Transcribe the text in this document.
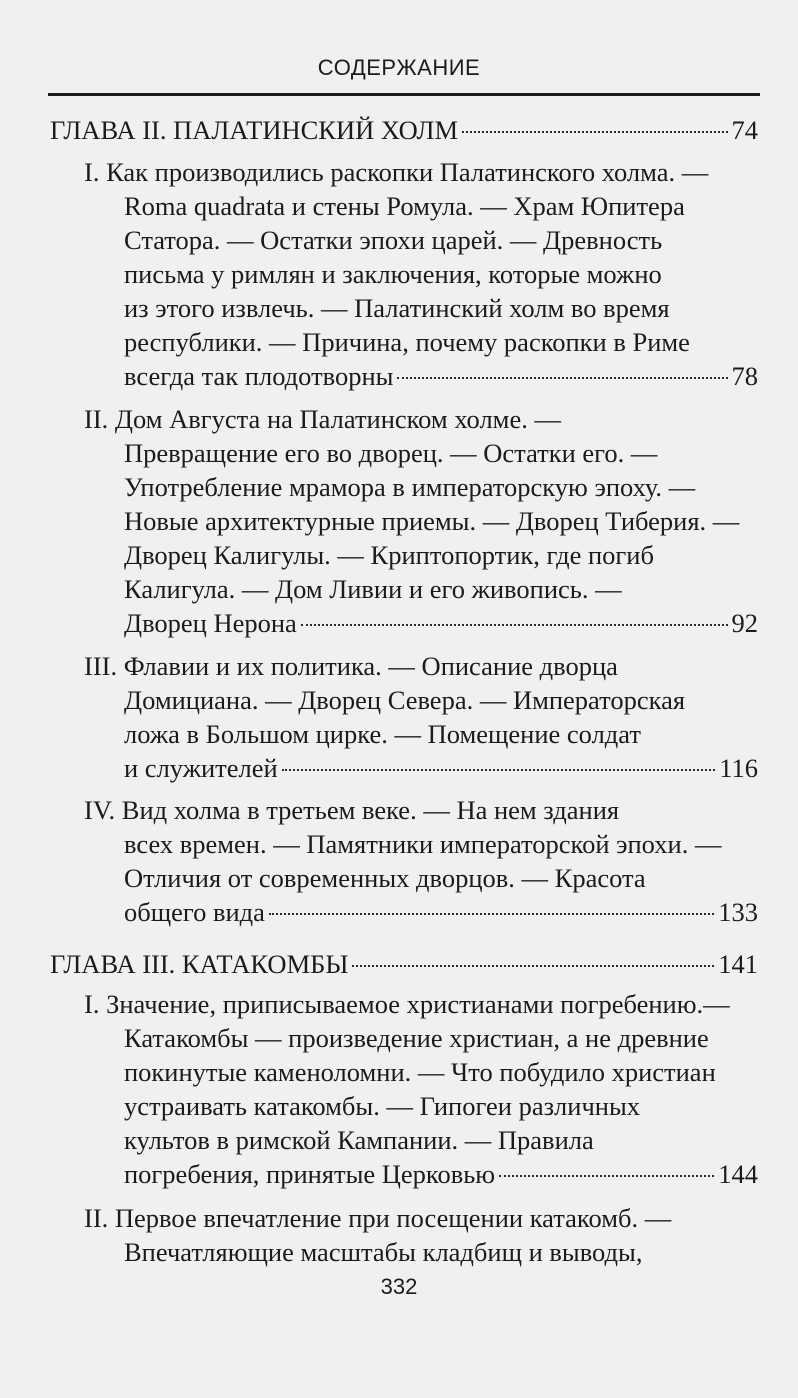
СОДЕРЖАНИЕ
ГЛАВА II. ПАЛАТИНСКИЙ ХОЛМ	74
I. Как производились раскопки Палатинского холма. —
Roma quadrata и стены Ромула. — Храм Юпитера
Статора. — Остатки эпохи царей. — Древность
письма у римлян и заключения, которые можно
из этого извлечь. — Палатинский холм во время
республики. — Причина, почему раскопки в Риме
всегда так плодотворны	78
II. Дом Августа на Палатинском холме. —
Превращение его во дворец. — Остатки его. —
Употребление мрамора в императорскую эпоху. —
Новые архитектурные приемы. — Дворец Тиберия. —
Дворец Калигулы. — Криптопортик, где погиб
Калигула. — Дом Ливии и его живопись. —
Дворец Нерона	92
III. Флавии и их политика. — Описание дворца
Домициана. — Дворец Севера. — Императорская
ложа в Большом цирке. — Помещение солдат
и служителей	116
IV. Вид холма в третьем веке. — На нем здания
всех времен. — Памятники императорской эпохи. —
Отличия от современных дворцов. — Красота
общего вида	133
ГЛАВА III. КАТАКОМБЫ	141
I. Значение, приписываемое христианами погребению.—
Катакомбы — произведение христиан, а не древние
покинутые каменоломни. — Что побудило христиан
устраивать катакомбы. — Гипогеи различных
культов в римской Кампании. — Правила
погребения, принятые Церковью	144
II. Первое впечатление при посещении катакомб. —
Впечатляющие масштабы кладбищ и выводы,
332
